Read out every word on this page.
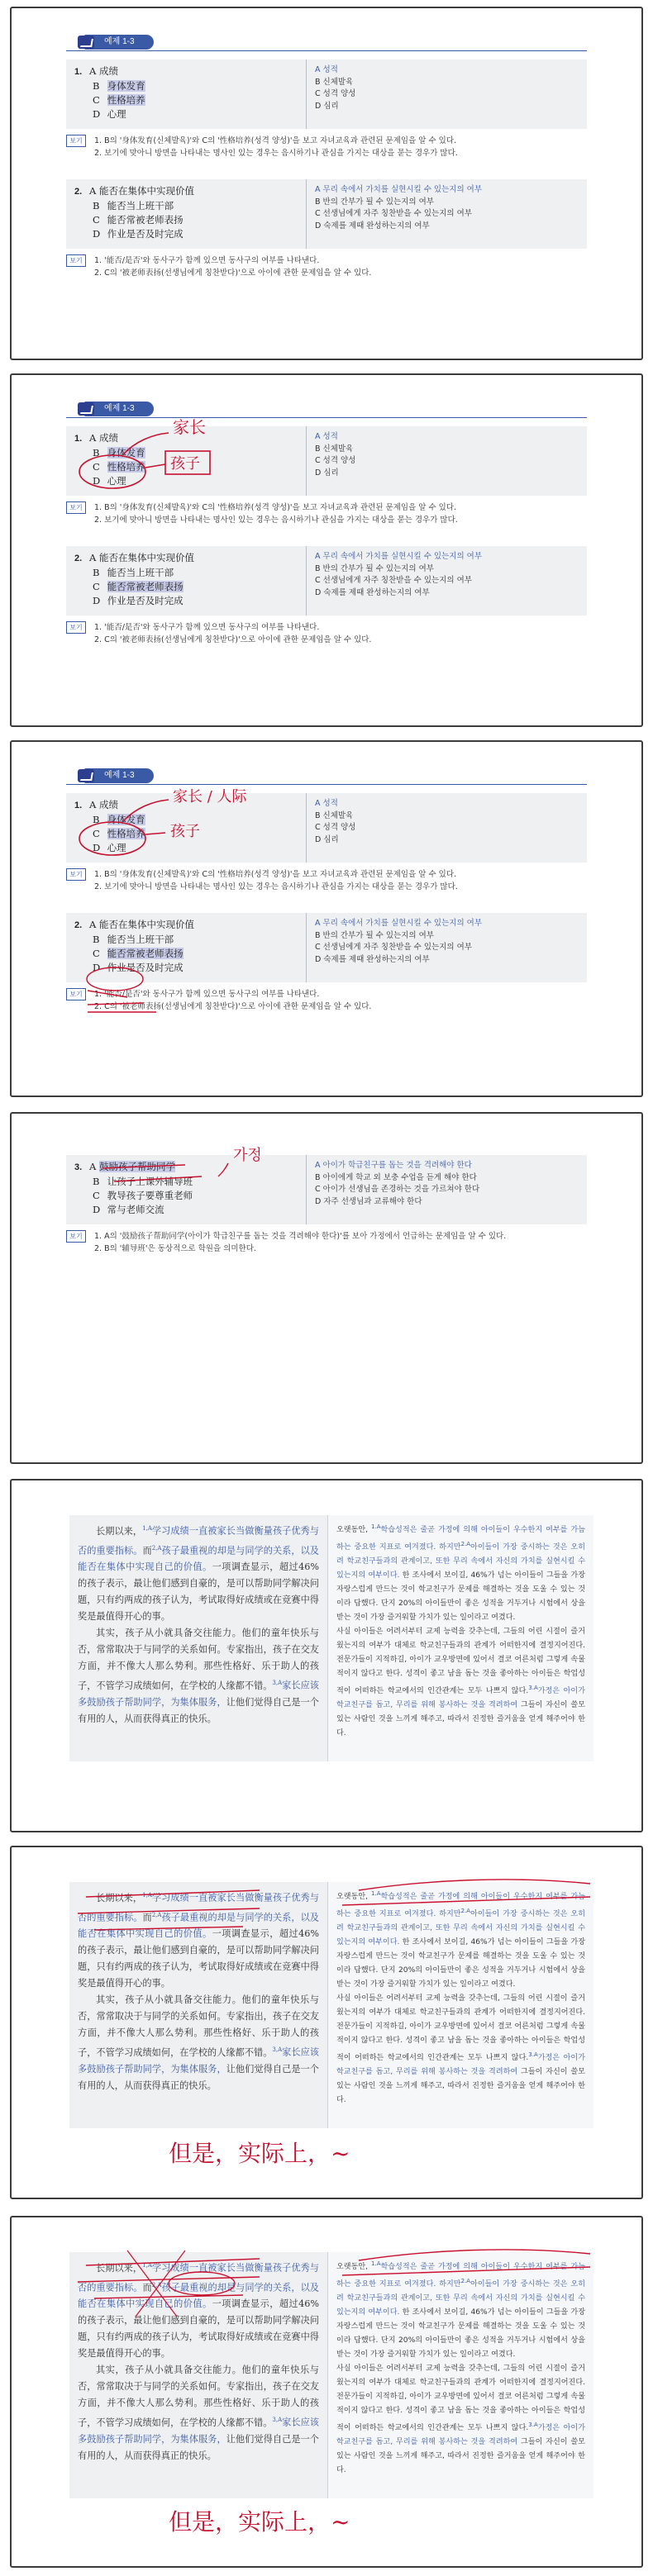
예제 1-3
1. A 成绩
B 身体发育
C 性格培养
D 心理
A 성적
B 신체발육
C 성격 양성
D 심리
보기	1. B의 '身体发育(신체발육)'와 C의 '性格培养(성격 양성)'을 보고 자녀교육과 관련된 문제임을 알 수 있다.
2. 보기에 맞아니 방면을 나타내는 명사인 있는 경우는 음시하기나 관심을 가지는 대상을 묻는 경우가 많다.
2. A 能否在集体中实现价值
B 能否当上班干部
C 能否常被老师表扬
D 作业是否及时完成
A 무리 속에서 가치를 실현시킬 수 있는지의 여부
B 반의 간부가 될 수 있는지의 여부
C 선생님에게 자주 칭찬받을 수 있는지의 여부
D 숙제를 제때 완성하는지의 여부
보기	1. '能否/是否'와 동사구가 함께 있으면 동사구의 여부를 나타낸다.
2. C의 '被老师表扬(선생님에게 칭찬받다)'으로 아이에 관한 문제임을 알 수 있다.
예제 1-3
1. A 成绩
B 身体发育
C 性格培养
D 心理
A 성적
B 신체발육
C 성격 양성
D 심리
보기	1. B의 '身体发育(신체발육)'와 C의 '性格培养(성격 양성)'을 보고 자녀교육과 관련된 문제임을 알 수 있다.
2. 보기에 맞아니 방면을 나타내는 명사인 있는 경우는 음시하기나 관심을 가지는 대상을 묻는 경우가 많다.
2. A 能否在集体中实现价值
B 能否当上班干部
C 能否常被老师表扬
D 作业是否及时完成
A 무리 속에서 가치를 실현시킬 수 있는지의 여부
B 반의 간부가 될 수 있는지의 여부
C 선생님에게 자주 칭찬받을 수 있는지의 여부
D 숙제를 제때 완성하는지의 여부
보기	1. '能否/是否'와 동사구가 함께 있으면 동사구의 여부를 나타낸다.
2. C의 '被老师表扬(선생님에게 칭찬받다)'으로 아이에 관한 문제임을 알 수 있다.
家长
孩子
예제 1-3
1. A 成绩
B 身体发育
C 性格培养
D 心理
A 성적
B 신체발육
C 성격 양성
D 심리
보기	1. B의 '身体发育(신체발육)'와 C의 '性格培养(성격 양성)'을 보고 자녀교육과 관련된 문제임을 알 수 있다.
2. 보기에 맞아니 방면을 나타내는 명사인 있는 경우는 음시하기나 관심을 가지는 대상을 묻는 경우가 많다.
2. A 能否在集体中实现价值
B 能否当上班干部
C 能否常被老师表扬
D 作业是否及时完成
A 무리 속에서 가치를 실현시킬 수 있는지의 여부
B 반의 간부가 될 수 있는지의 여부
C 선생님에게 자주 칭찬받을 수 있는지의 여부
D 숙제를 제때 완성하는지의 여부
보기	1. '能否/是否'와 동사구가 함께 있으면 동사구의 여부를 나타낸다.
2. C의 '被老师表扬(선생님에게 칭찬받다)'으로 아이에 관한 문제임을 알 수 있다.
家长 / 人际
孩子
3. A 鼓励孩子帮助同学
B 让孩子上课外辅导班
C 教导孩子要尊重老师
D 常与老师交流
A 아이가 학급친구를 돕는 것을 격려해야 한다
B 아이에게 학교 외 보충 수업을 듣게 해야 한다
C 아이가 선생님을 존경하는 것을 가르쳐야 한다
D 자주 선생님과 교류해야 한다
보기	1. A의 '鼓励孩子帮助同学(아이가 학급친구를 돕는 것을 격려해야 한다)'를 보아 가정에서 언급하는 문제임을 알 수 있다.
2. B의 '辅导班'은 동상적으로 학원을 의미한다.
가정
长期以来，$^{1,A}$学习成绩一直被家长当做衡量孩子优秀与否的重要指标。而$^{2,A}$孩子最重视的却是与同学的关系，以及能否在集体中实现自己的价值。一项调查显示，超过46%的孩子表示，最让他们感到自豪的，是可以帮助同学解决问题，只有约两成的孩子认为，考试取得好成绩或在竞赛中得奖是最值得开心的事。
其实，孩子从小就具备交往能力。他们的童年快乐与否，常常取决于与同学的关系如何。专家指出，孩子在交友方面，并不像大人那么势利。那些性格好、乐于助人的孩子，不管学习成绩如何，在学校的人缘都不错。$^{3,A}$家长应该多鼓励孩子帮助同学，为集体服务，让他们觉得自己是一个有用的人，从而获得真正的快乐。
오랫동안, $^{1.A}$학습성적은 줄곧 가정에 의해 아이들이 우수한지 여부를 가늠하는 중요한 지표로 여겨졌다. 하지만$^{2.A}$아이들이 가장 중시하는 것은 오히려 학교친구들과의 관계이고, 또한 무리 속에서 자신의 가치를 실현시킬 수 있는지의 여부이다. 한 조사에서 보이길, 46%가 넘는 아이들이 그들을 가장 자랑스럽게 만드는 것이 학교친구가 문제를 해결하는 것을 도울 수 있는 것이라 답했다. 단지 20%의 아이들만이 좋은 성적을 거두거나 시험에서 상을 받는 것이 가장 즐거워할 가치가 있는 일이라고 여겼다.
사실 아이들은 어려서부터 교제 능력을 갖추는데, 그들의 어린 시절이 즐거웠는지의 여부가 대체로 학교친구들과의 관계가 어떠한지에 결정지어진다. 전문가들이 지적하길, 아이가 교우방면에 있어서 결코 어른처럼 그렇게 속물적이지 않다고 한다. 성격이 좋고 남을 돕는 것을 좋아하는 아이들은 학업성적이 어떠하든 학교에서의 인간관계는 모두 나쁘지 않다.$^{3.A}$가정은 아이가 학교친구를 돕고, 무리를 위해 봉사하는 것을 격려하여 그들이 자신이 쓸모 있는 사람인 것을 느끼게 해주고, 따라서 진정한 즐거움을 얻게 해주어야 한다.
长期以来，$^{1,A}$学习成绩一直被家长当做衡量孩子优秀与否的重要指标。而$^{2,A}$孩子最重视的却是与同学的关系，以及能否在集体中实现自己的价值。一项调查显示，超过46%的孩子表示，最让他们感到自豪的，是可以帮助同学解决问题，只有约两成的孩子认为，考试取得好成绩或在竞赛中得奖是最值得开心的事。
其实，孩子从小就具备交往能力。他们的童年快乐与否，常常取决于与同学的关系如何。专家指出，孩子在交友方面，并不像大人那么势利。那些性格好、乐于助人的孩子，不管学习成绩如何，在学校的人缘都不错。$^{3,A}$家长应该多鼓励孩子帮助同学，为集体服务，让他们觉得自己是一个有用的人，从而获得真正的快乐。
오랫동안, $^{1.A}$학습성적은 줄곧 가정에 의해 아이들이 우수한지 여부를 가늠하는 중요한 지표로 여겨졌다. 하지만$^{2.A}$아이들이 가장 중시하는 것은 오히려 학교친구들과의 관계이고, 또한 무리 속에서 자신의 가치를 실현시킬 수 있는지의 여부이다. 한 조사에서 보이길, 46%가 넘는 아이들이 그들을 가장 자랑스럽게 만드는 것이 학교친구가 문제를 해결하는 것을 도울 수 있는 것이라 답했다. 단지 20%의 아이들만이 좋은 성적을 거두거나 시험에서 상을 받는 것이 가장 즐거워할 가치가 있는 일이라고 여겼다.
사실 아이들은 어려서부터 교제 능력을 갖추는데, 그들의 어린 시절이 즐거웠는지의 여부가 대체로 학교친구들과의 관계가 어떠한지에 결정지어진다. 전문가들이 지적하길, 아이가 교우방면에 있어서 결코 어른처럼 그렇게 속물적이지 않다고 한다. 성격이 좋고 남을 돕는 것을 좋아하는 아이들은 학업성적이 어떠하든 학교에서의 인간관계는 모두 나쁘지 않다.$^{3.A}$가정은 아이가 학교친구를 돕고, 무리를 위해 봉사하는 것을 격려하여 그들이 자신이 쓸모 있는 사람인 것을 느끼게 해주고, 따라서 진정한 즐거움을 얻게 해주어야 한다.
但是，实际上，~
长期以来，$^{1,A}$学习成绩一直被家长当做衡量孩子优秀与否的重要指标。而$^{2,A}$孩子最重视的却是与同学的关系，以及能否在集体中实现自己的价值。一项调查显示，超过46%的孩子表示，最让他们感到自豪的，是可以帮助同学解决问题，只有约两成的孩子认为，考试取得好成绩或在竞赛中得奖是最值得开心的事。
其实，孩子从小就具备交往能力。他们的童年快乐与否，常常取决于与同学的关系如何。专家指出，孩子在交友方面，并不像大人那么势利。那些性格好、乐于助人的孩子，不管学习成绩如何，在学校的人缘都不错。$^{3,A}$家长应该多鼓励孩子帮助同学，为集体服务，让他们觉得自己是一个有用的人，从而获得真正的快乐。
오랫동안, $^{1.A}$학습성적은 줄곧 가정에 의해 아이들이 우수한지 여부를 가늠하는 중요한 지표로 여겨졌다. 하지만$^{2.A}$아이들이 가장 중시하는 것은 오히려 학교친구들과의 관계이고, 또한 무리 속에서 자신의 가치를 실현시킬 수 있는지의 여부이다. 한 조사에서 보이길, 46%가 넘는 아이들이 그들을 가장 자랑스럽게 만드는 것이 학교친구가 문제를 해결하는 것을 도울 수 있는 것이라 답했다. 단지 20%의 아이들만이 좋은 성적을 거두거나 시험에서 상을 받는 것이 가장 즐거워할 가치가 있는 일이라고 여겼다.
사실 아이들은 어려서부터 교제 능력을 갖추는데, 그들의 어린 시절이 즐거웠는지의 여부가 대체로 학교친구들과의 관계가 어떠한지에 결정지어진다. 전문가들이 지적하길, 아이가 교우방면에 있어서 결코 어른처럼 그렇게 속물적이지 않다고 한다. 성격이 좋고 남을 돕는 것을 좋아하는 아이들은 학업성적이 어떠하든 학교에서의 인간관계는 모두 나쁘지 않다.$^{3.A}$가정은 아이가 학교친구를 돕고, 무리를 위해 봉사하는 것을 격려하여 그들이 자신이 쓸모 있는 사람인 것을 느끼게 해주고, 따라서 진정한 즐거움을 얻게 해주어야 한다.
但是，实际上，~
